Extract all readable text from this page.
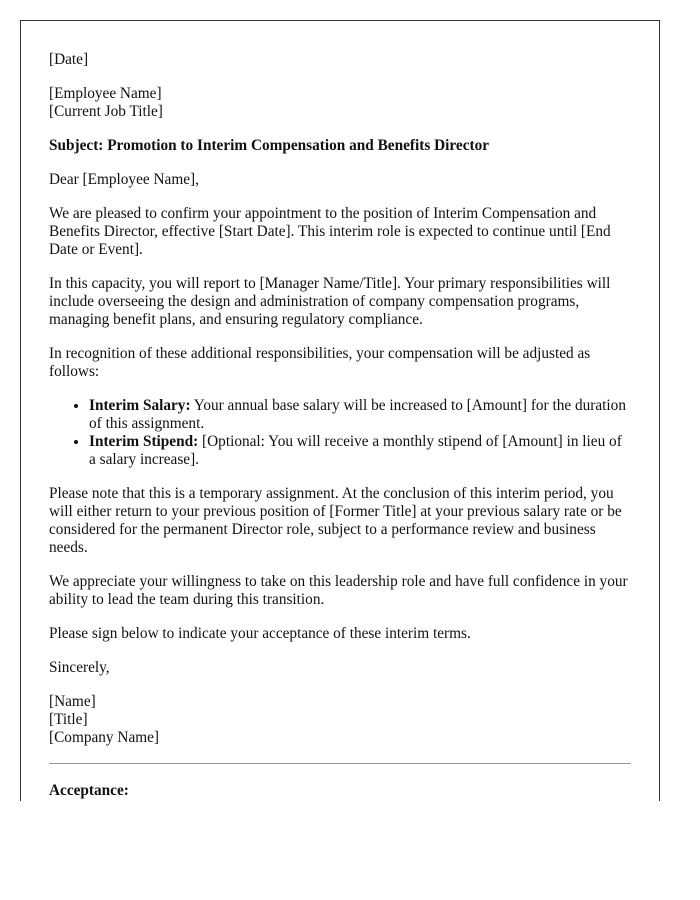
[Date]

[Employee Name]
[Current Job Title]

Subject: Promotion to Interim Compensation and Benefits Director

Dear [Employee Name],

We are pleased to confirm your appointment to the position of Interim Compensation and Benefits Director, effective [Start Date]. This interim role is expected to continue until [End Date or Event].

In this capacity, you will report to [Manager Name/Title]. Your primary responsibilities will include overseeing the design and administration of company compensation programs, managing benefit plans, and ensuring regulatory compliance.

In recognition of these additional responsibilities, your compensation will be adjusted as follows:

• Interim Salary: Your annual base salary will be increased to [Amount] for the duration of this assignment.
• Interim Stipend: [Optional: You will receive a monthly stipend of [Amount] in lieu of a salary increase].

Please note that this is a temporary assignment. At the conclusion of this interim period, you will either return to your previous position of [Former Title] at your previous salary rate or be considered for the permanent Director role, subject to a performance review and business needs.

We appreciate your willingness to take on this leadership role and have full confidence in your ability to lead the team during this transition.

Please sign below to indicate your acceptance of these interim terms.

Sincerely,

[Name]
[Title]
[Company Name]

Acceptance:
